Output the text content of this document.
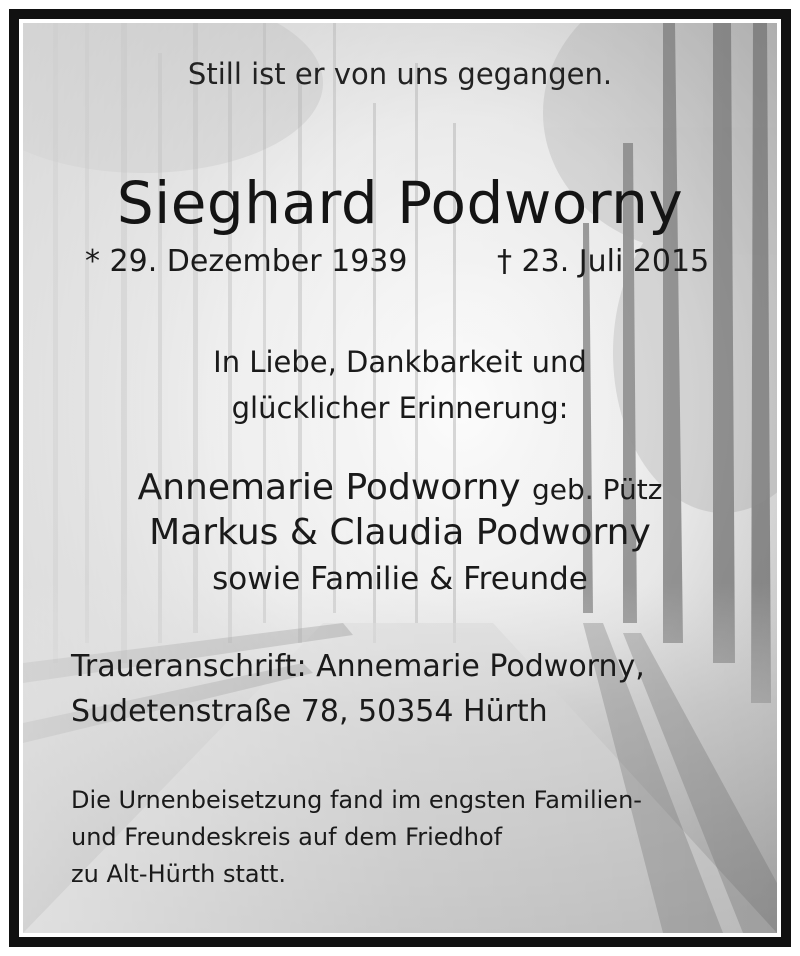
Still ist er von uns gegangen.
Sieghard Podworny
* 29. Dezember 1939	† 23. Juli 2015
In Liebe, Dankbarkeit und
glücklicher Erinnerung:
Annemarie Podworny geb. Pütz
Markus & Claudia Podworny
sowie Familie & Freunde
Traueranschrift: Annemarie Podworny,
Sudetenstraße 78, 50354 Hürth
Die Urnenbeisetzung fand im engsten Familien-
und Freundeskreis auf dem Friedhof
zu Alt-Hürth statt.
